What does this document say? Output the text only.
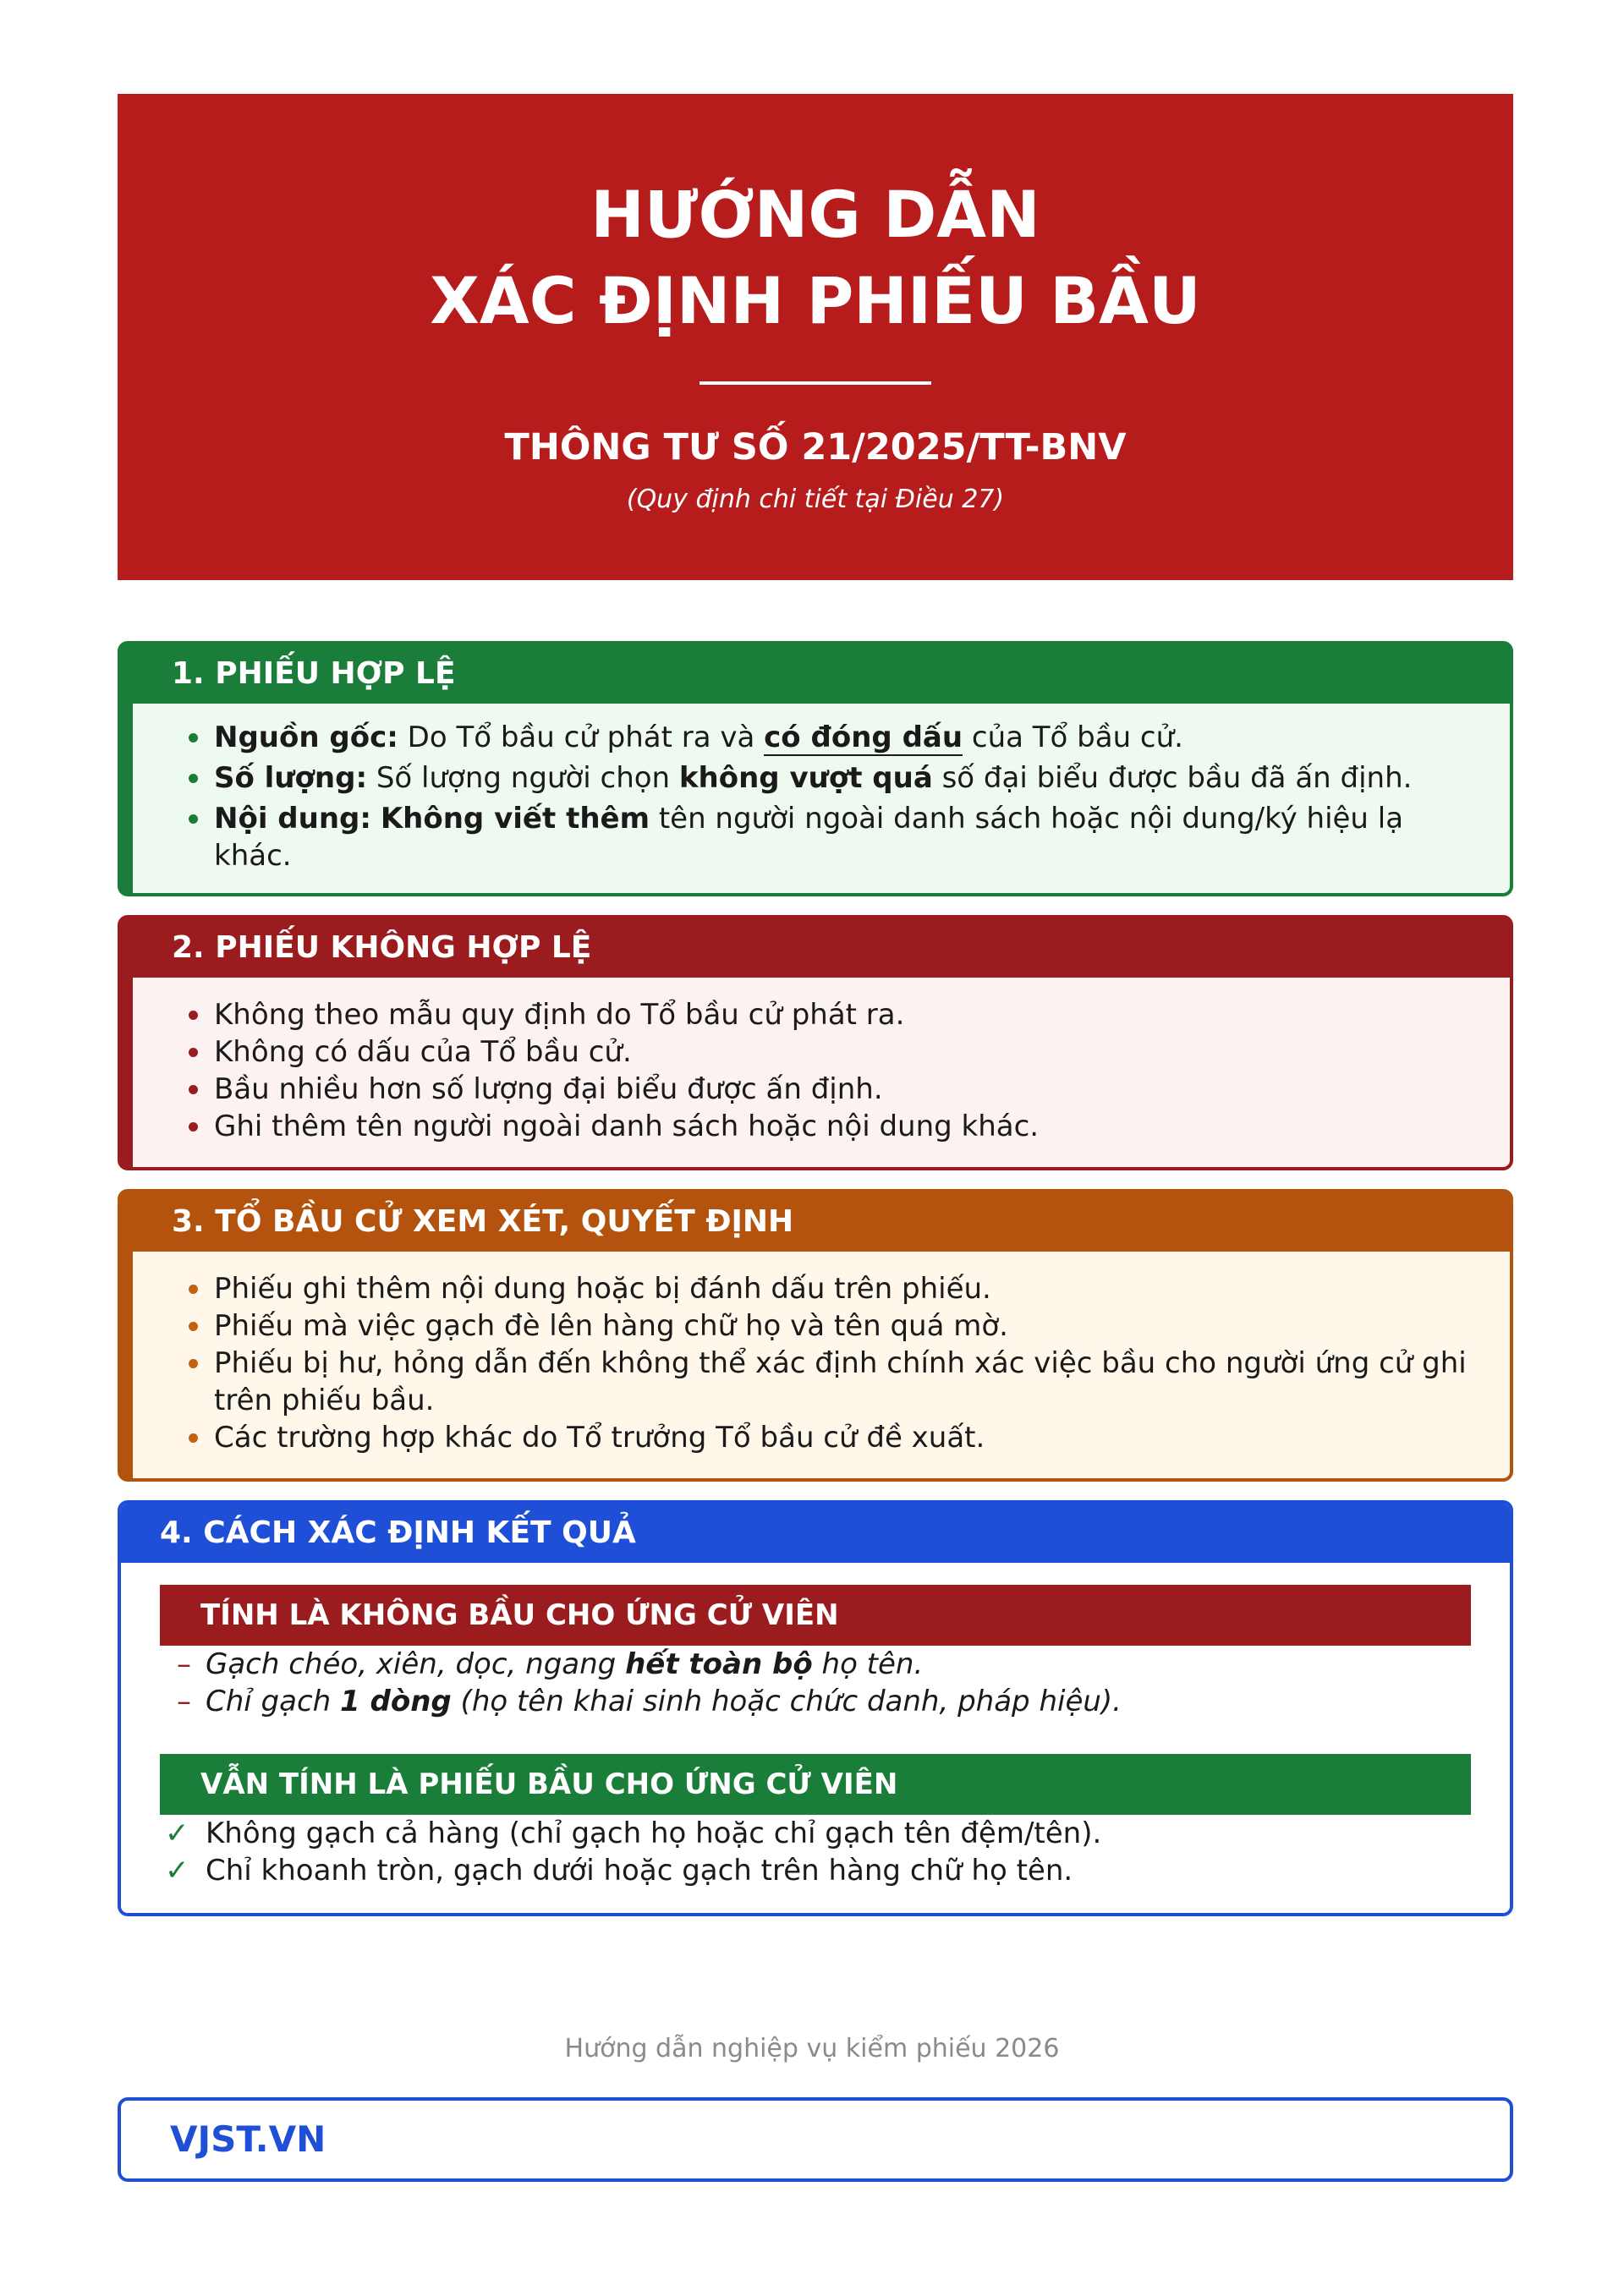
HƯỚNG DẪN
XÁC ĐỊNH PHIẾU BẦU
THÔNG TƯ SỐ 21/2025/TT-BNV
(Quy định chi tiết tại Điều 27)
1. PHIẾU HỢP LỆ
Nguồn gốc: Do Tổ bầu cử phát ra và có đóng dấu của Tổ bầu cử.
Số lượng: Số lượng người chọn không vượt quá số đại biểu được bầu đã ấn định.
Nội dung: Không viết thêm tên người ngoài danh sách hoặc nội dung/ký hiệu lạ khác.
2. PHIẾU KHÔNG HỢP LỆ
Không theo mẫu quy định do Tổ bầu cử phát ra.
Không có dấu của Tổ bầu cử.
Bầu nhiều hơn số lượng đại biểu được ấn định.
Ghi thêm tên người ngoài danh sách hoặc nội dung khác.
3. TỔ BẦU CỬ XEM XÉT, QUYẾT ĐỊNH
Phiếu ghi thêm nội dung hoặc bị đánh dấu trên phiếu.
Phiếu mà việc gạch đè lên hàng chữ họ và tên quá mờ.
Phiếu bị hư, hỏng dẫn đến không thể xác định chính xác việc bầu cho người ứng cử ghi trên phiếu bầu.
Các trường hợp khác do Tổ trưởng Tổ bầu cử đề xuất.
4. CÁCH XÁC ĐỊNH KẾT QUẢ
TÍNH LÀ KHÔNG BẦU CHO ỨNG CỬ VIÊN
– Gạch chéo, xiên, dọc, ngang hết toàn bộ họ tên.
– Chỉ gạch 1 dòng (họ tên khai sinh hoặc chức danh, pháp hiệu).
VẪN TÍNH LÀ PHIẾU BẦU CHO ỨNG CỬ VIÊN
✓ Không gạch cả hàng (chỉ gạch họ hoặc chỉ gạch tên đệm/tên).
✓ Chỉ khoanh tròn, gạch dưới hoặc gạch trên hàng chữ họ tên.
Hướng dẫn nghiệp vụ kiểm phiếu 2026
VJST.VN
